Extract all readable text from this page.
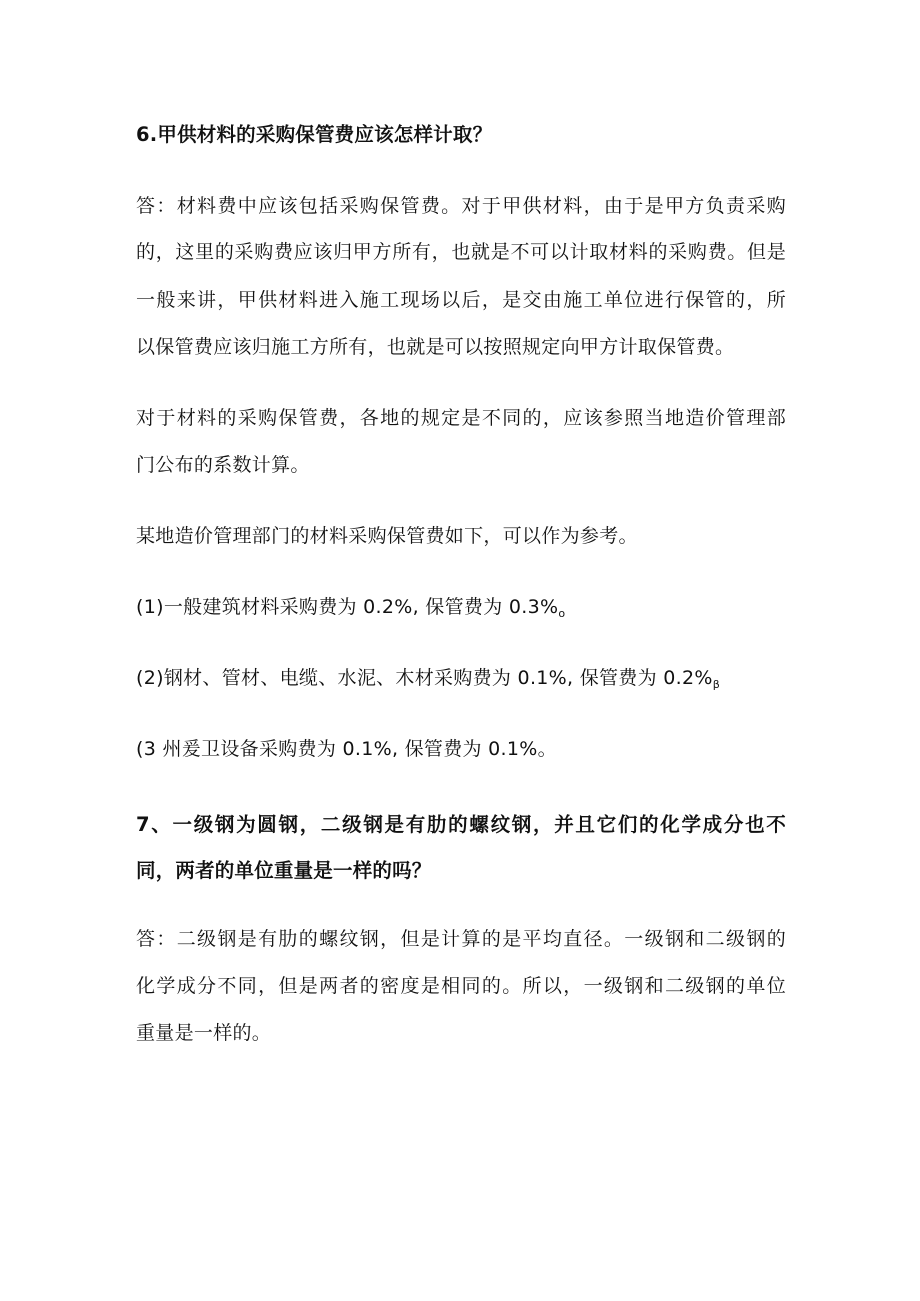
6.甲供材料的采购保管费应该怎样计取？
答：材料费中应该包括采购保管费。对于甲供材料，由于是甲方负责采购
的，这里的采购费应该归甲方所有，也就是不可以计取材料的采购费。但是
一般来讲，甲供材料进入施工现场以后，是交由施工单位进行保管的，所
以保管费应该归施工方所有，也就是可以按照规定向甲方计取保管费。
对于材料的采购保管费，各地的规定是不同的，应该参照当地造价管理部
门公布的系数计算。
某地造价管理部门的材料采购保管费如下，可以作为参考。
(1)一般建筑材料采购费为 0.2%, 保管费为 $0.3\%_o$
(2)钢材、管材、电缆、水泥、木材采购费为 0.1%, 保管费为 $0.2\%_\beta$
(3 州爰卫设备采购费为 0.1%, 保管费为 0.1%。
7、一级钢为圆钢，二级钢是有肋的螺纹钢，并且它们的化学成分也不
同，两者的单位重量是一样的吗？
答：二级钢是有肋的螺纹钢，但是计算的是平均直径。一级钢和二级钢的
化学成分不同，但是两者的密度是相同的。所以，一级钢和二级钢的单位
重量是一样的。
